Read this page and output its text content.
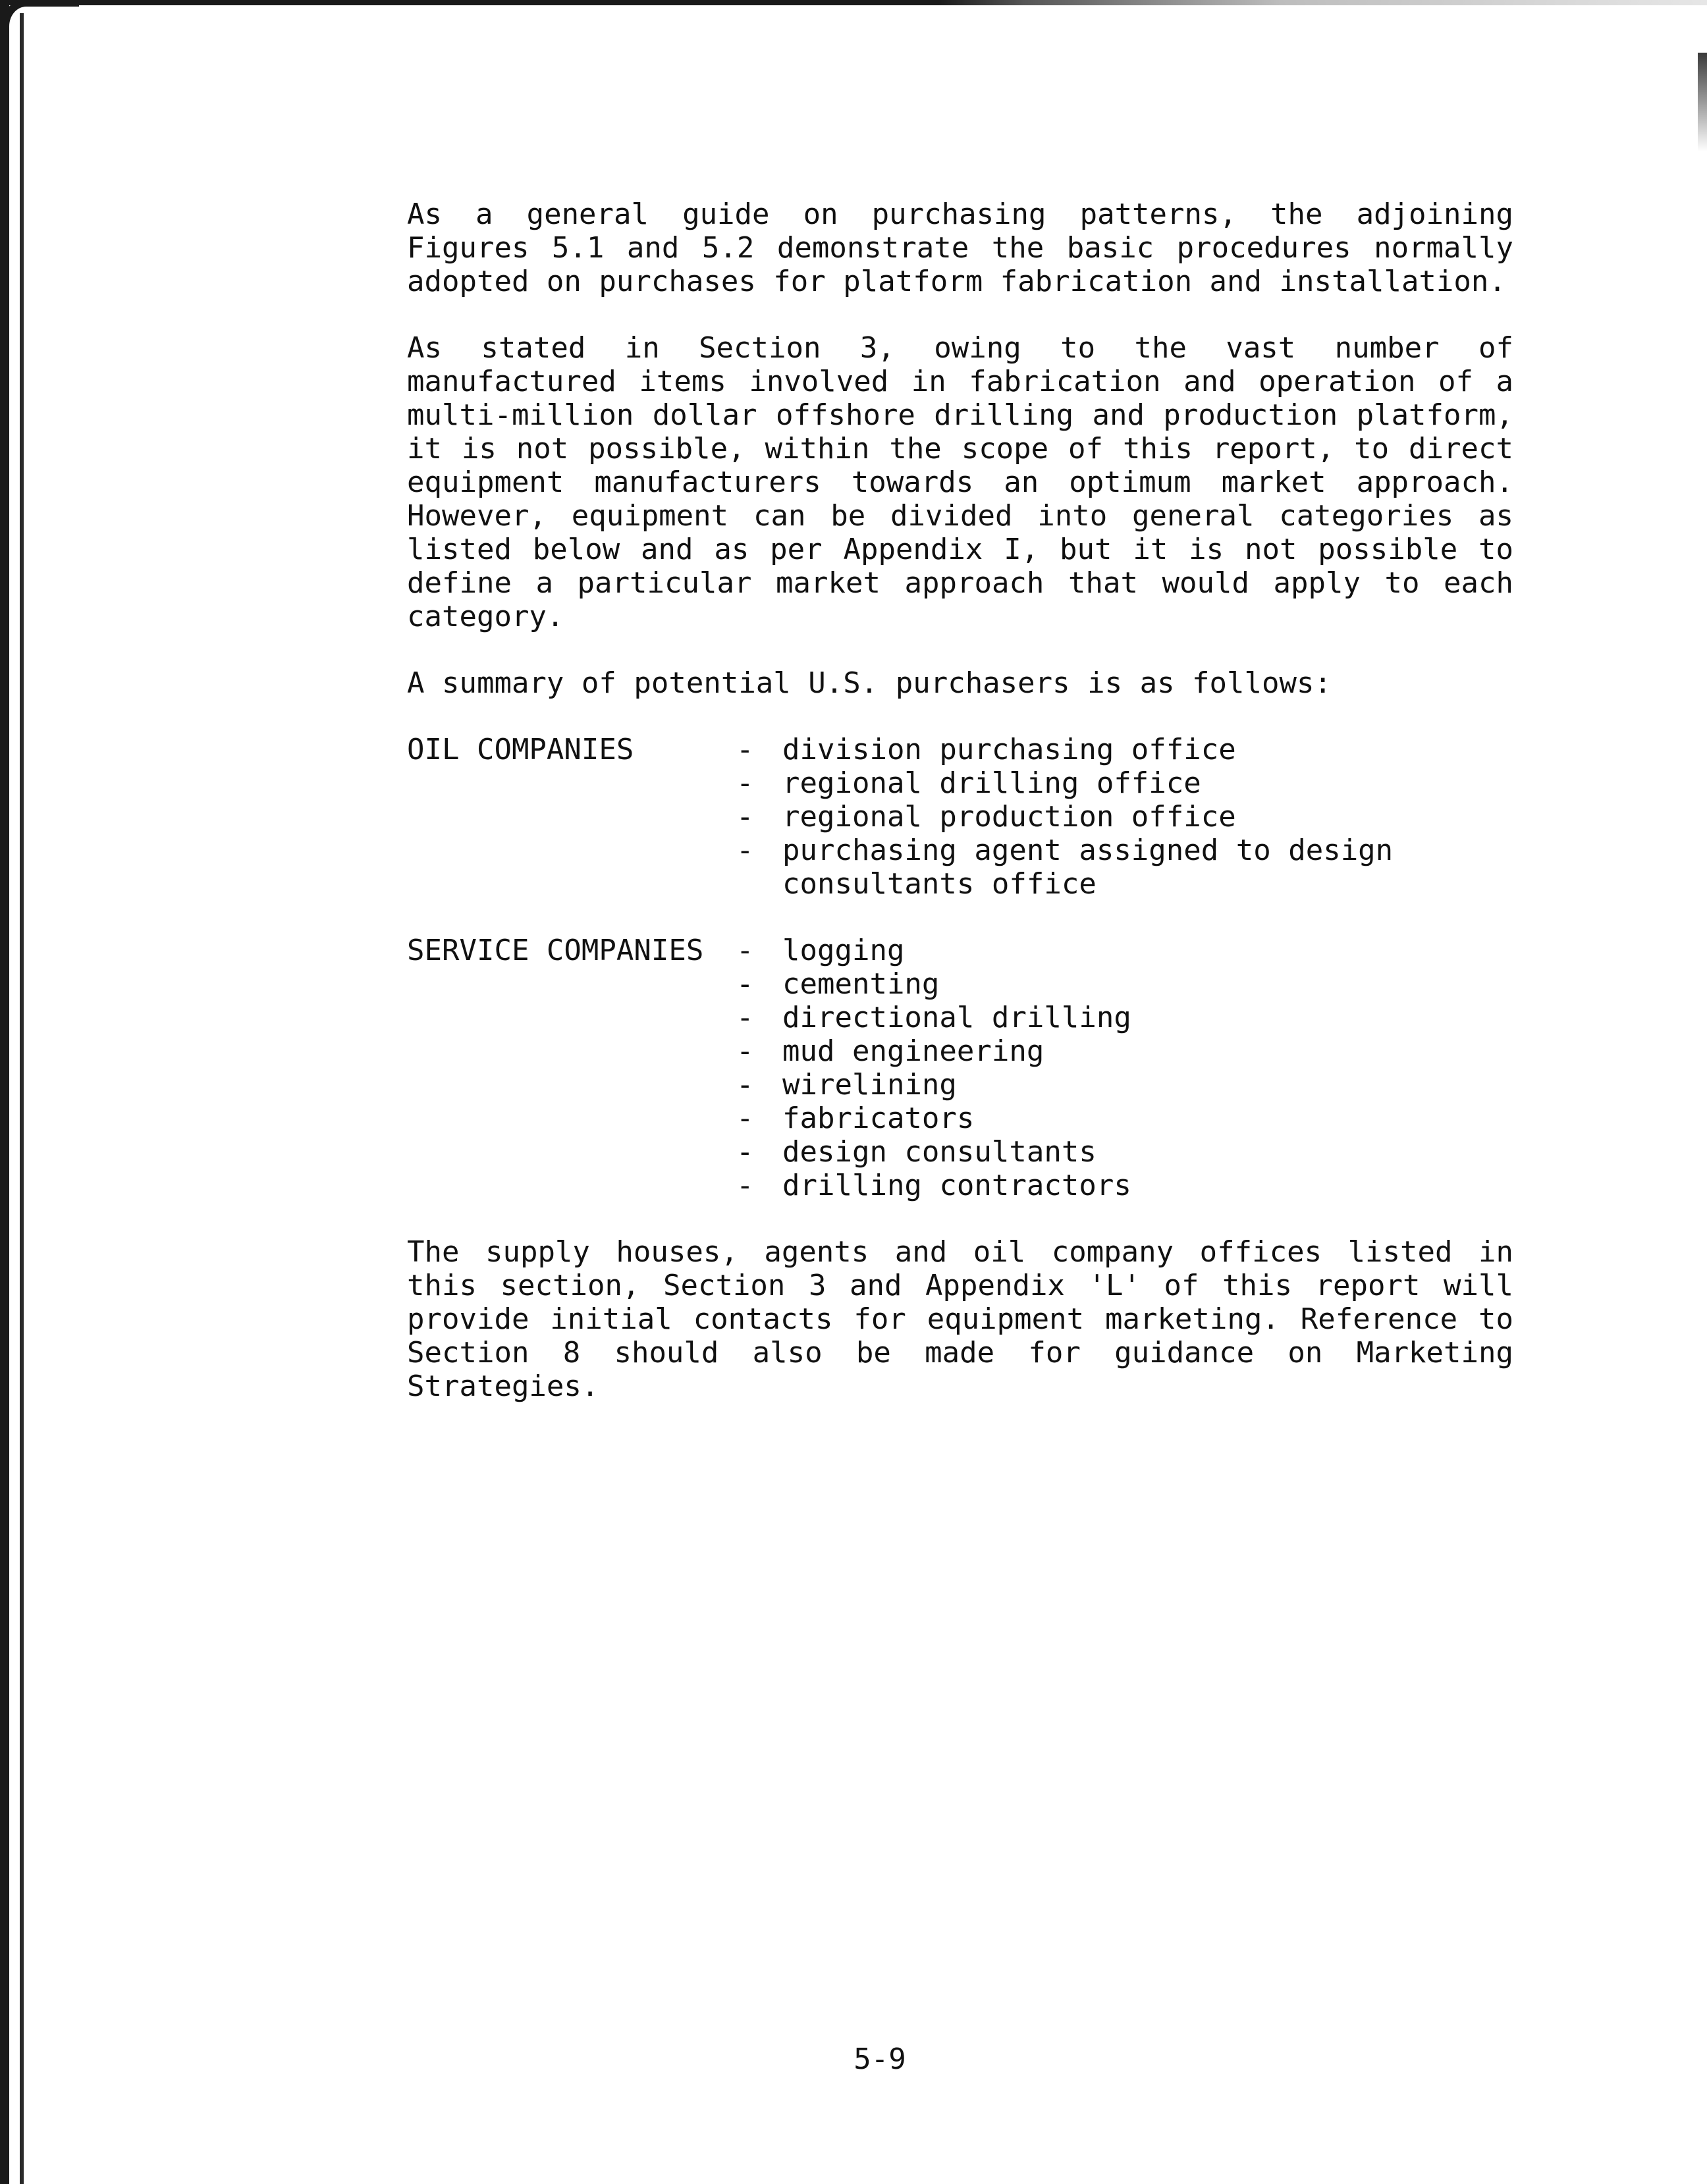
As a general guide on purchasing patterns, the adjoining Figures 5.1 and 5.2 demonstrate the basic procedures normally adopted on purchases for platform fabrication and installation.

As stated in Section 3, owing to the vast number of manufactured items involved in fabrication and operation of a multi-million dollar offshore drilling and production platform, it is not possible, within the scope of this report, to direct equipment manufacturers towards an optimum market approach. However, equipment can be divided into general categories as listed below and as per Appendix I, but it is not possible to define a particular market approach that would apply to each category.

A summary of potential U.S. purchasers is as follows:

OIL COMPANIES	- division purchasing office
- regional drilling office
- regional production office
- purchasing agent assigned to design consultants office
SERVICE COMPANIES	- logging
- cementing
- directional drilling
- mud engineering
- wirelining
- fabricators
- design consultants
- drilling contractors

The supply houses, agents and oil company offices listed in this section, Section 3 and Appendix 'L' of this report will provide initial contacts for equipment marketing. Reference to Section 8 should also be made for guidance on Marketing Strategies.

5-9
